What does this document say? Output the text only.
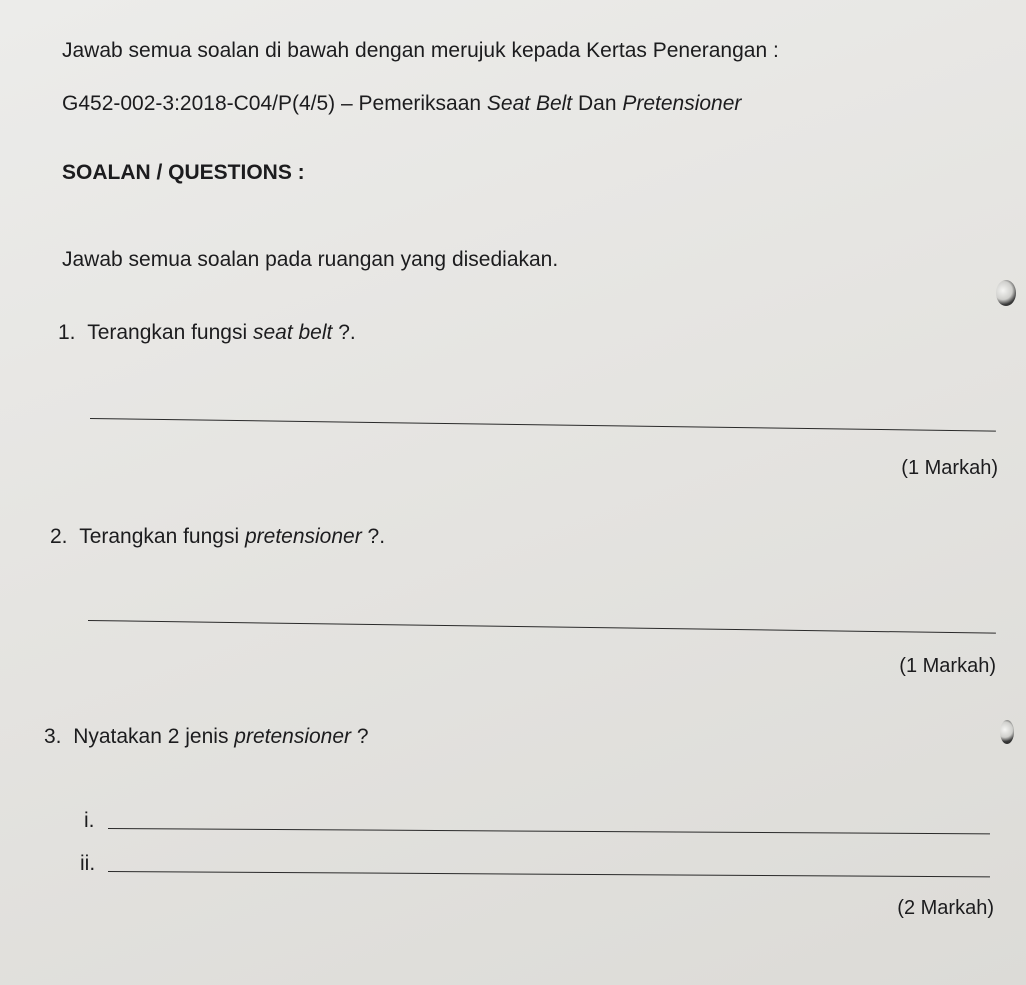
Jawab semua soalan di bawah dengan merujuk kepada Kertas Penerangan :
G452-002-3:2018-C04/P(4/5) – Pemeriksaan Seat Belt Dan Pretensioner
SOALAN / QUESTIONS :
Jawab semua soalan pada ruangan yang disediakan.
1. Terangkan fungsi seat belt ?.
(1 Markah)
2. Terangkan fungsi pretensioner ?.
(1 Markah)
3. Nyatakan 2 jenis pretensioner ?
i.
ii.
(2 Markah)
